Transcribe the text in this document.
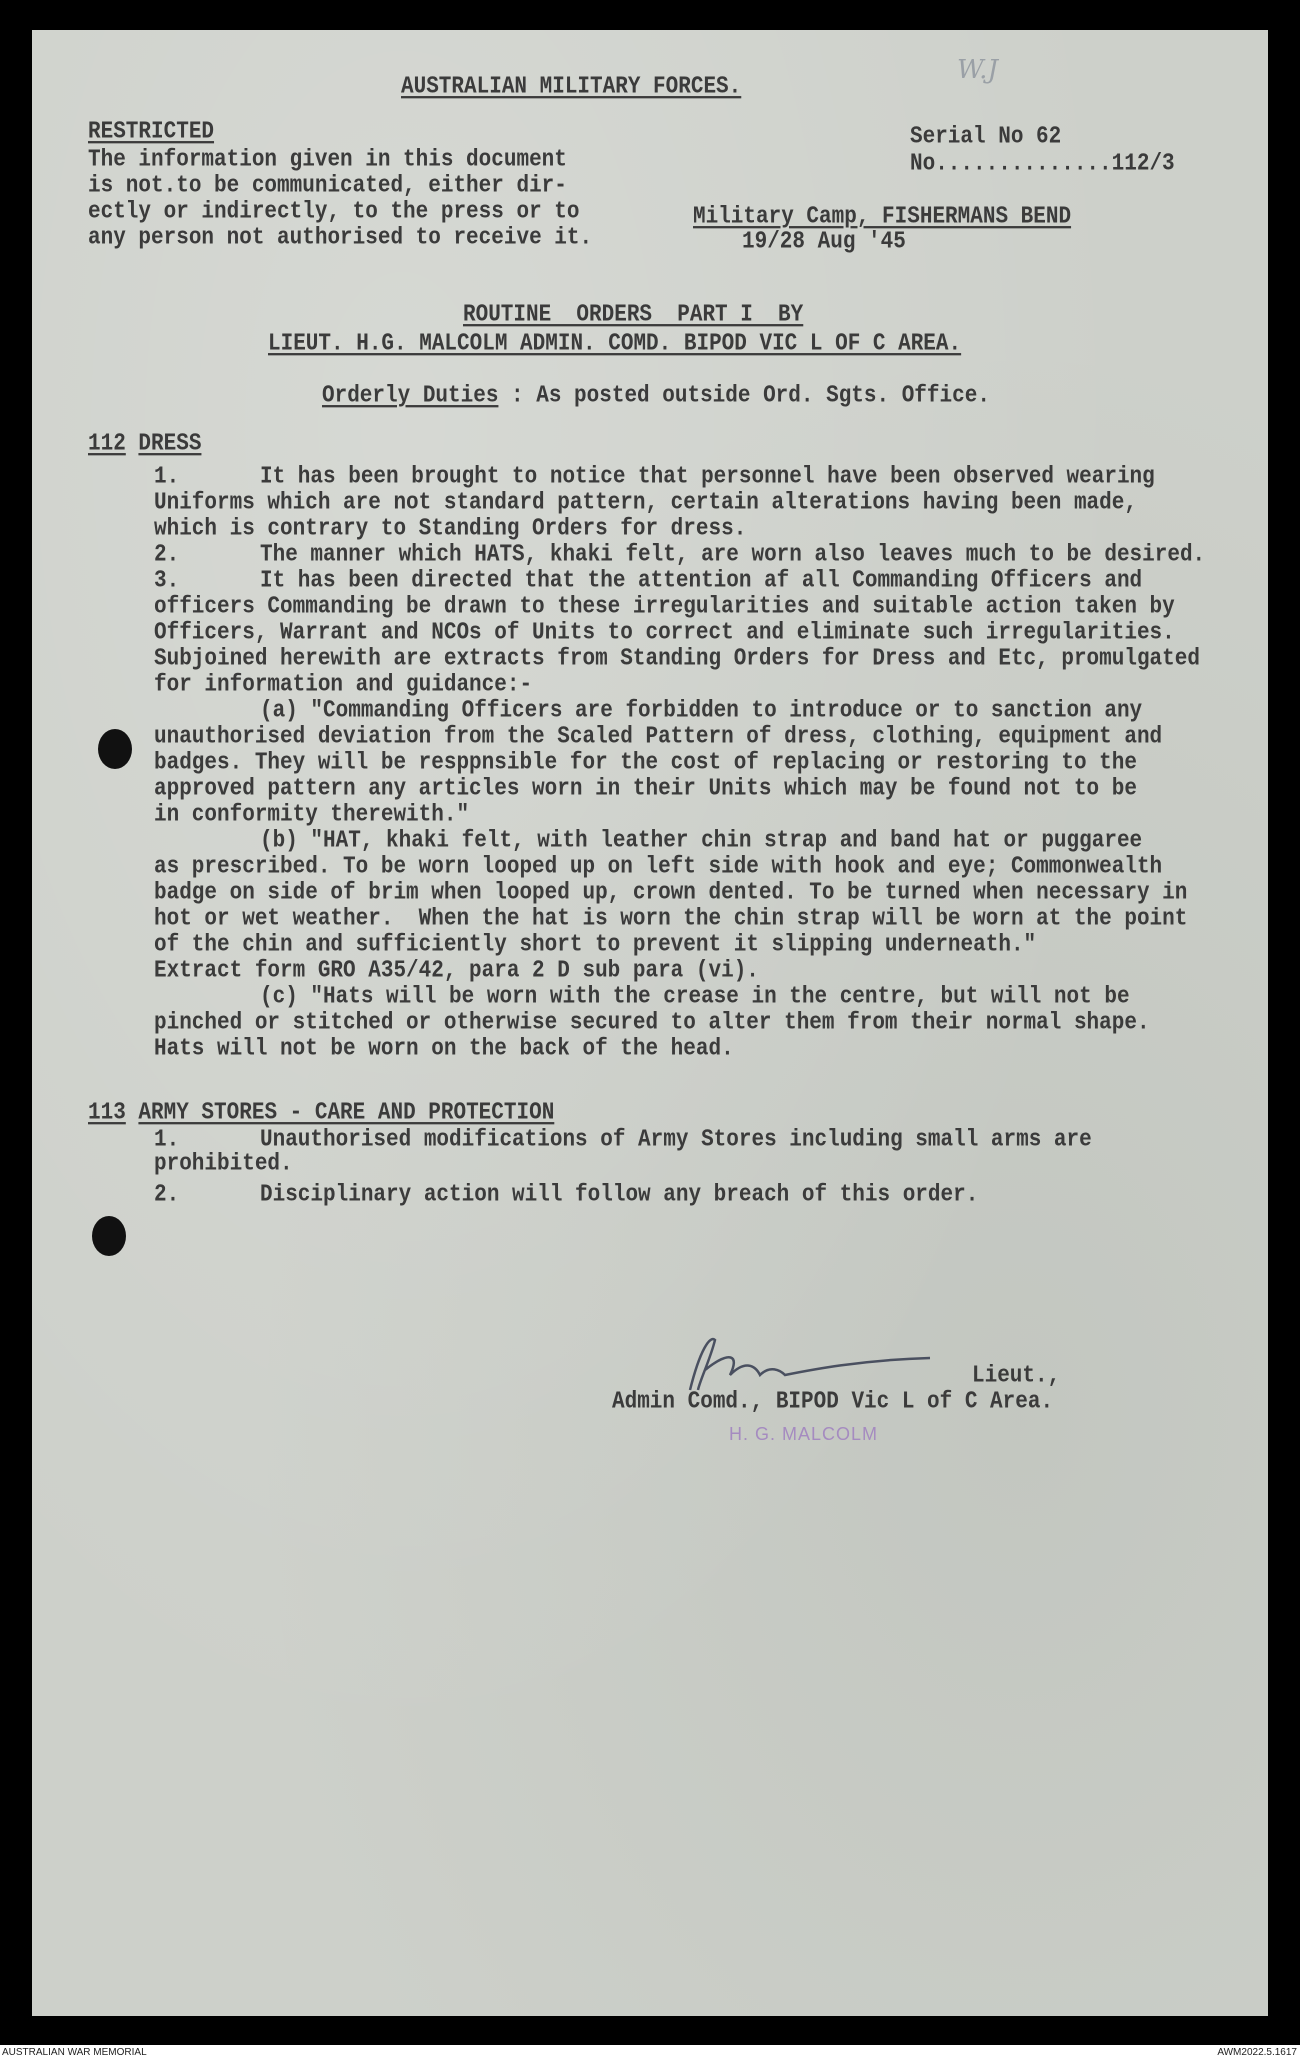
W.J
AUSTRALIAN MILITARY FORCES.
RESTRICTED
The information given in this document
is not.to be communicated, either dir-
ectly or indirectly, to the press or to
any person not authorised to receive it.
Serial No 62
No..............112/3
Military Camp, FISHERMANS BEND
19/28 Aug '45
ROUTINE  ORDERS  PART I  BY
LIEUT. H.G. MALCOLM ADMIN. COMD. BIPOD VIC L OF C AREA.
Orderly Duties : As posted outside Ord. Sgts. Office.
112 DRESS
1.	It has been brought to notice that personnel have been observed wearing
Uniforms which are not standard pattern, certain alterations having been made,
which is contrary to Standing Orders for dress.
2.	The manner which HATS, khaki felt, are worn also leaves much to be desired.
3.	It has been directed that the attention af all Commanding Officers and
officers Commanding be drawn to these irregularities and suitable action taken by
Officers, Warrant and NCOs of Units to correct and eliminate such irregularities.
Subjoined herewith are extracts from Standing Orders for Dress and Etc, promulgated
for information and guidance:-
(a) "Commanding Officers are forbidden to introduce or to sanction any
unauthorised deviation from the Scaled Pattern of dress, clothing, equipment and
badges. They will be resppnsible for the cost of replacing or restoring to the
approved pattern any articles worn in their Units which may be found not to be
in conformity therewith."
(b) "HAT, khaki felt, with leather chin strap and band hat or puggaree
as prescribed. To be worn looped up on left side with hook and eye; Commonwealth
badge on side of brim when looped up, crown dented. To be turned when necessary in
hot or wet weather.  When the hat is worn the chin strap will be worn at the point
of the chin and sufficiently short to prevent it slipping underneath."
Extract form GRO A35/42, para 2 D sub para (vi).
(c) "Hats will be worn with the crease in the centre, but will not be
pinched or stitched or otherwise secured to alter them from their normal shape.
Hats will not be worn on the back of the head.
113 ARMY STORES - CARE AND PROTECTION
1.	Unauthorised modifications of Army Stores including small arms are
prohibited.
2.	Disciplinary action will follow any breach of this order.
Lieut.,
Admin Comd., BIPOD Vic L of C Area.
H. G. MALCOLM
AUSTRALIAN WAR MEMORIAL	AWM2022.5.1617
